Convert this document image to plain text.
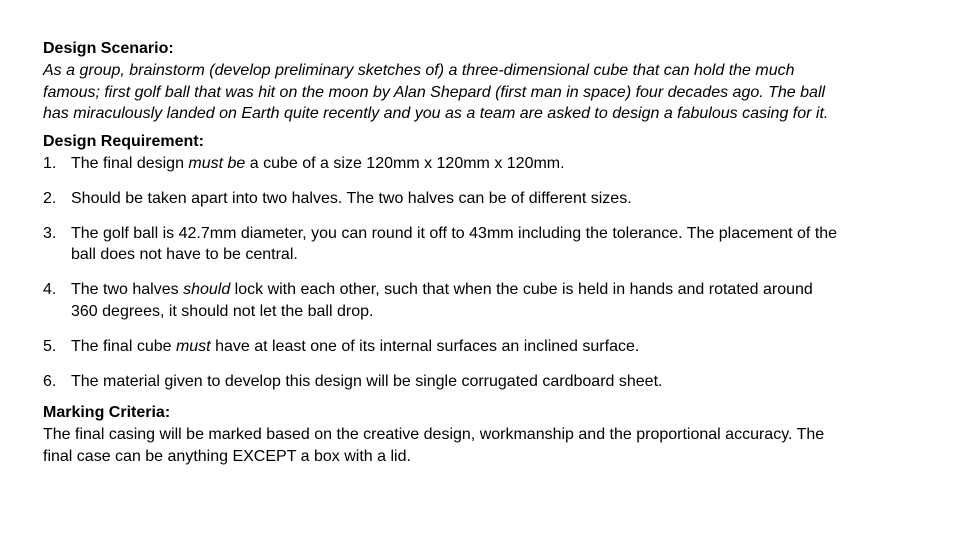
Design Scenario:
As a group, brainstorm (develop preliminary sketches of) a three-dimensional cube that can hold the much famous; first golf ball that was hit on the moon by Alan Shepard (first man in space) four decades ago. The ball has miraculously landed on Earth quite recently and you as a team are asked to design a fabulous casing for it.
Design Requirement:
1. The final design must be a cube of a size 120mm x 120mm x 120mm.
2. Should be taken apart into two halves. The two halves can be of different sizes.
3. The golf ball is 42.7mm diameter, you can round it off to 43mm including the tolerance. The placement of the ball does not have to be central.
4. The two halves should lock with each other, such that when the cube is held in hands and rotated around 360 degrees, it should not let the ball drop.
5. The final cube must have at least one of its internal surfaces an inclined surface.
6. The material given to develop this design will be single corrugated cardboard sheet.
Marking Criteria:
The final casing will be marked based on the creative design, workmanship and the proportional accuracy. The final case can be anything EXCEPT a box with a lid.
